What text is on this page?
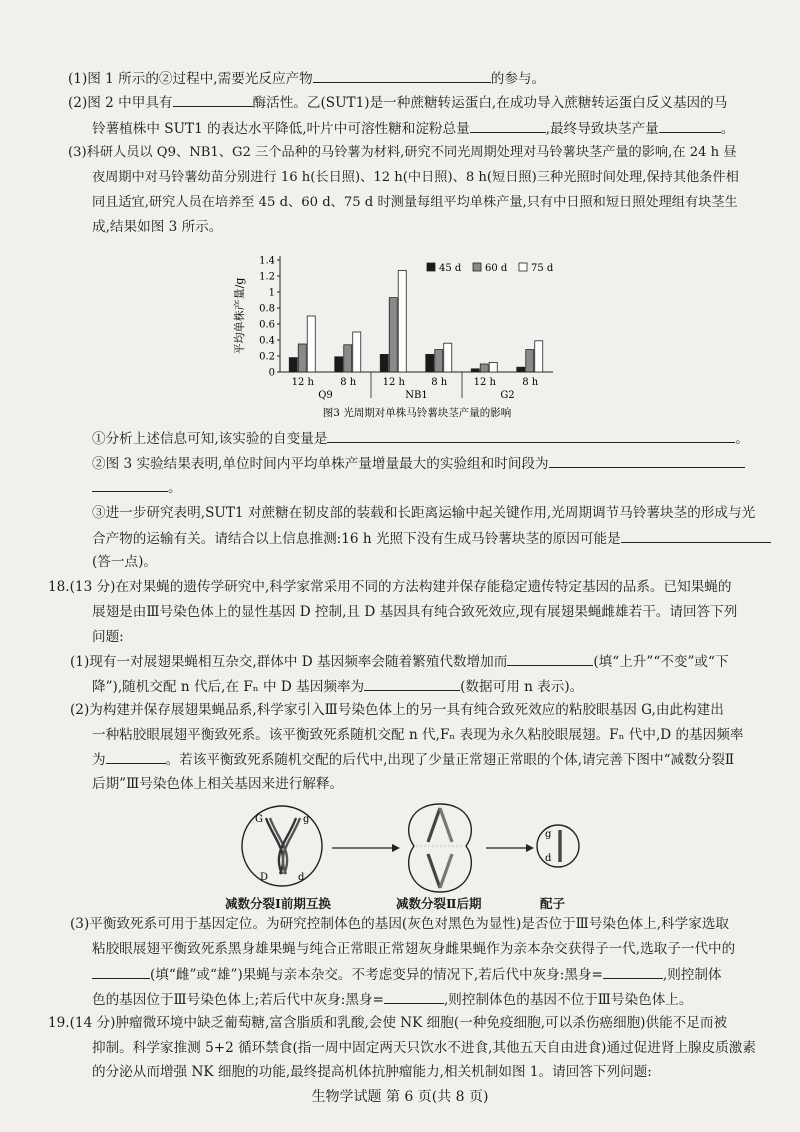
(1)图 1 所示的②过程中,需要光反应产物	的参与。
(2)图 2 中甲具有	酶活性。乙(SUT1)是一种蔗糖转运蛋白,在成功导入蔗糖转运蛋白反义基因的马
铃薯植株中 SUT1 的表达水平降低,叶片中可溶性糖和淀粉总量	,最终导致块茎产量	。
(3)科研人员以 Q9、NB1、G2 三个品种的马铃薯为材料,研究不同光周期处理对马铃薯块茎产量的影响,在 24 h 昼
夜周期中对马铃薯幼苗分别进行 16 h(长日照)、12 h(中日照)、8 h(短日照)三种光照时间处理,保持其他条件相
同且适宜,研究人员在培养至 45 d、60 d、75 d 时测量每组平均单株产量,只有中日照和短日照处理组有块茎生
成,结果如图 3 所示。
45 d 60 d 75 d
平均单株产量/g
0
0.2
0.4
0.6
0.8
1
1.2
1.4
12 h	8 h	12 h	8 h	12 h	8 h
Q9	NB1	G2
图3 光周期对单株马铃薯块茎产量的影响
①分析上述信息可知,该实验的自变量是	。
②图 3 实验结果表明,单位时间内平均单株产量增量最大的实验组和时间段为
。
③进一步研究表明,SUT1 对蔗糖在韧皮部的装载和长距离运输中起关键作用,光周期调节马铃薯块茎的形成与光
合产物的运输有关。请结合以上信息推测:16 h 光照下没有生成马铃薯块茎的原因可能是
(答一点)。
18.(13 分)在对果蝇的遗传学研究中,科学家常采用不同的方法构建并保存能稳定遗传特定基因的品系。已知果蝇的
展翅是由Ⅲ号染色体上的显性基因 D 控制,且 D 基因具有纯合致死效应,现有展翅果蝇雌雄若干。请回答下列
问题:
(1)现有一对展翅果蝇相互杂交,群体中 D 基因频率会随着繁殖代数增加而	(填“上升”“不变”或“下
降”),随机交配 n 代后,在 Fₙ 中 D 基因频率为	(数据可用 n 表示)。
(2)为构建并保存展翅果蝇品系,科学家引入Ⅲ号染色体上的另一具有纯合致死效应的粘胶眼基因 G,由此构建出
一种粘胶眼展翅平衡致死系。该平衡致死系随机交配 n 代,Fₙ 表现为永久粘胶眼展翅。Fₙ 代中,D 的基因频率
为	。若该平衡致死系随机交配的后代中,出现了少量正常翅正常眼的个体,请完善下图中“减数分裂Ⅱ
后期”Ⅲ号染色体上相关基因来进行解释。
G	g
D	d
g
d
减数分裂Ⅰ前期互换	减数分裂Ⅱ后期	配子
(3)平衡致死系可用于基因定位。为研究控制体色的基因(灰色对黑色为显性)是否位于Ⅲ号染色体上,科学家选取
粘胶眼展翅平衡致死系黑身雄果蝇与纯合正常眼正常翅灰身雌果蝇作为亲本杂交获得子一代,选取子一代中的
(填“雌”或“雄”)果蝇与亲本杂交。不考虑变异的情况下,若后代中灰身:黑身=	,则控制体
色的基因位于Ⅲ号染色体上;若后代中灰身:黑身=	,则控制体色的基因不位于Ⅲ号染色体上。
19.(14 分)肿瘤微环境中缺乏葡萄糖,富含脂质和乳酸,会使 NK 细胞(一种免疫细胞,可以杀伤癌细胞)供能不足而被
抑制。科学家推测 5+2 循环禁食(指一周中固定两天只饮水不进食,其他五天自由进食)通过促进肾上腺皮质激素
的分泌从而增强 NK 细胞的功能,最终提高机体抗肿瘤能力,相关机制如图 1。请回答下列问题:
生物学试题 第 6 页(共 8 页)
